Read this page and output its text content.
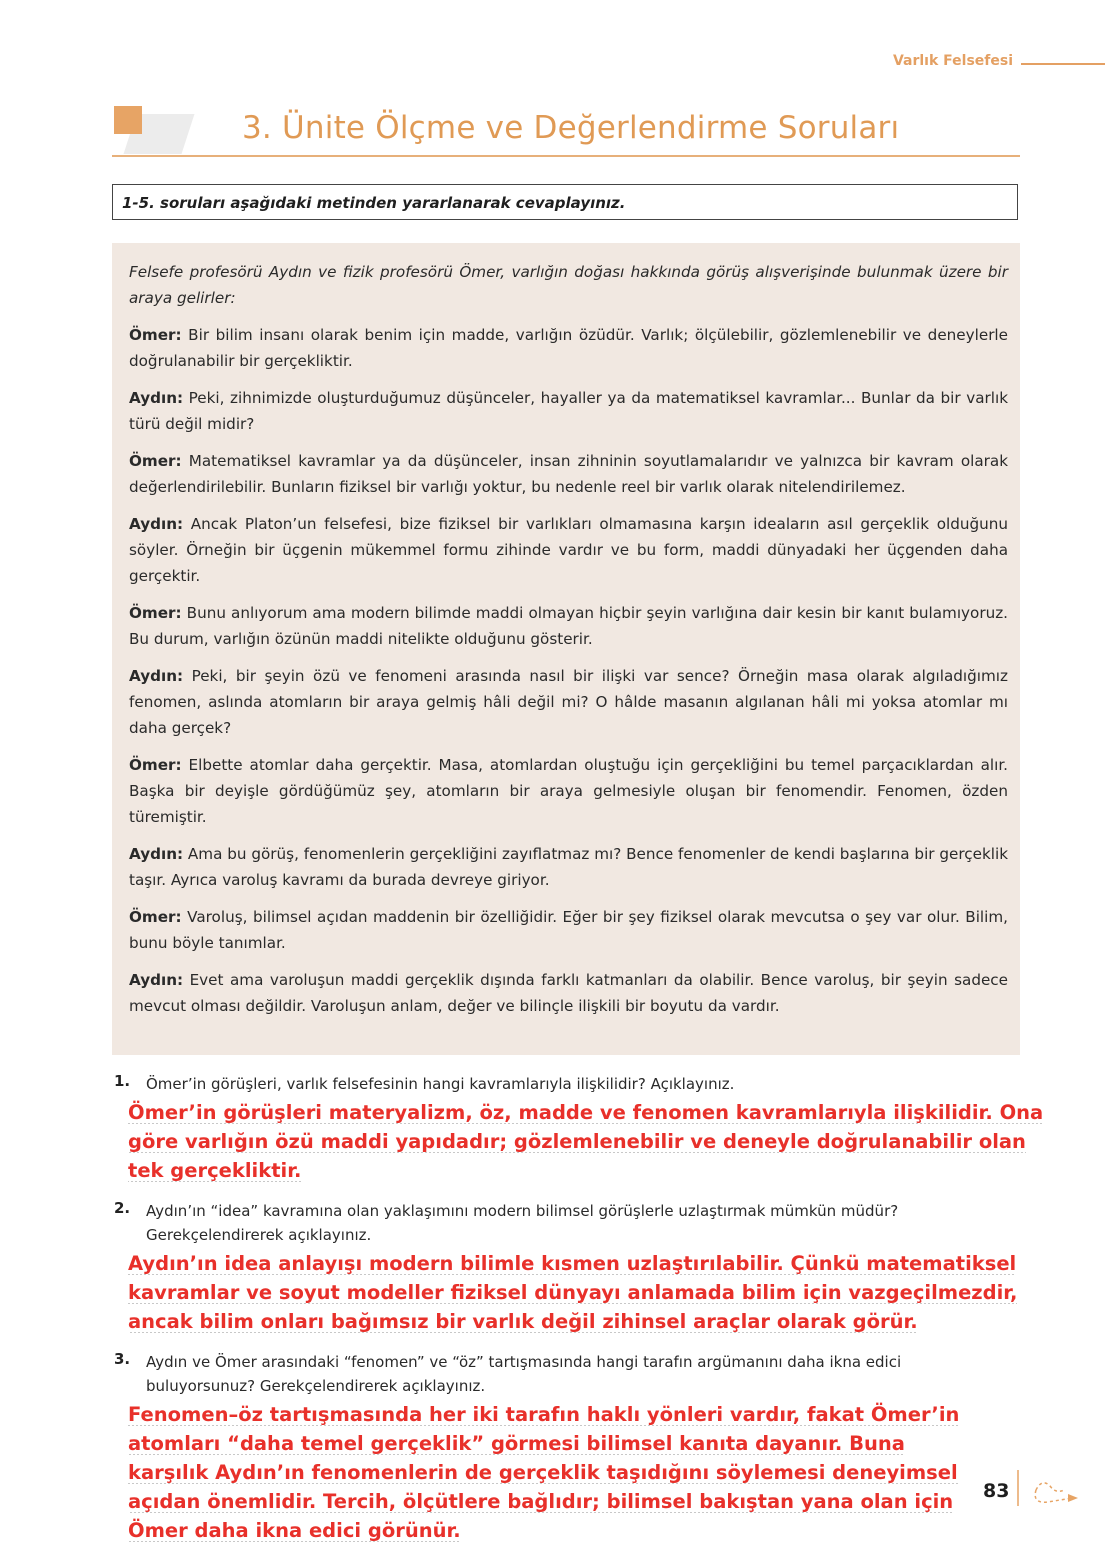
Varlık Felsefesi
3. Ünite Ölçme ve Değerlendirme Soruları
1-5. soruları aşağıdaki metinden yararlanarak cevaplayınız.

Felsefe profesörü Aydın ve fizik profesörü Ömer, varlığın doğası hakkında görüş alışverişinde bulunmak üzere bir araya gelirler:

Ömer: Bir bilim insanı olarak benim için madde, varlığın özüdür. Varlık; ölçülebilir, gözlemlenebilir ve deneylerle doğrulanabilir bir gerçekliktir.

Aydın: Peki, zihnimizde oluşturduğumuz düşünceler, hayaller ya da matematiksel kavramlar... Bunlar da bir varlık türü değil midir?

Ömer: Matematiksel kavramlar ya da düşünceler, insan zihninin soyutlamalarıdır ve yalnızca bir kavram olarak değerlendirilebilir. Bunların fiziksel bir varlığı yoktur, bu nedenle reel bir varlık olarak nitelendirilemez.

Aydın: Ancak Platon’un felsefesi, bize fiziksel bir varlıkları olmamasına karşın ideaların asıl gerçeklik olduğunu söyler. Örneğin bir üçgenin mükemmel formu zihinde vardır ve bu form, maddi dünyadaki her üçgenden daha gerçektir.

Ömer: Bunu anlıyorum ama modern bilimde maddi olmayan hiçbir şeyin varlığına dair kesin bir kanıt bulamıyoruz. Bu durum, varlığın özünün maddi nitelikte olduğunu gösterir.

Aydın: Peki, bir şeyin özü ve fenomeni arasında nasıl bir ilişki var sence? Örneğin masa olarak algıladığımız fenomen, aslında atomların bir araya gelmiş hâli değil mi? O hâlde masanın algılanan hâli mi yoksa atomlar mı daha gerçek?

Ömer: Elbette atomlar daha gerçektir. Masa, atomlardan oluştuğu için gerçekliğini bu temel parçacıklardan alır. Başka bir deyişle gördüğümüz şey, atomların bir araya gelmesiyle oluşan bir fenomendir. Fenomen, özden türemiştir.

Aydın: Ama bu görüş, fenomenlerin gerçekliğini zayıflatmaz mı? Bence fenomenler de kendi başlarına bir gerçeklik taşır. Ayrıca varoluş kavramı da burada devreye giriyor.

Ömer: Varoluş, bilimsel açıdan maddenin bir özelliğidir. Eğer bir şey fiziksel olarak mevcutsa o şey var olur. Bilim, bunu böyle tanımlar.

Aydın: Evet ama varoluşun maddi gerçeklik dışında farklı katmanları da olabilir. Bence varoluş, bir şeyin sadece mevcut olması değildir. Varoluşun anlam, değer ve bilinçle ilişkili bir boyutu da vardır.

1. Ömer’in görüşleri, varlık felsefesinin hangi kavramlarıyla ilişkilidir? Açıklayınız.
Ömer’in görüşleri materyalizm, öz, madde ve fenomen kavramlarıyla ilişkilidir. Ona göre varlığın özü maddi yapıdadır; gözlemlenebilir ve deneyle doğrulanabilir olan tek gerçekliktir.
2. Aydın’ın “idea” kavramına olan yaklaşımını modern bilimsel görüşlerle uzlaştırmak mümkün müdür? Gerekçelendirerek açıklayınız.
Aydın’ın idea anlayışı modern bilimle kısmen uzlaştırılabilir. Çünkü matematiksel kavramlar ve soyut modeller fiziksel dünyayı anlamada bilim için vazgeçilmezdir, ancak bilim onları bağımsız bir varlık değil zihinsel araçlar olarak görür.
3. Aydın ve Ömer arasındaki “fenomen” ve “öz” tartışmasında hangi tarafın argümanını daha ikna edici buluyorsunuz? Gerekçelendirerek açıklayınız.
Fenomen–öz tartışmasında her iki tarafın haklı yönleri vardır, fakat Ömer’in atomları “daha temel gerçeklik” görmesi bilimsel kanıta dayanır. Buna karşılık Aydın’ın fenomenlerin de gerçeklik taşıdığını söylemesi deneyimsel açıdan önemlidir. Tercih, ölçütlere bağlıdır; bilimsel bakıştan yana olan için Ömer daha ikna edici görünür.
83
